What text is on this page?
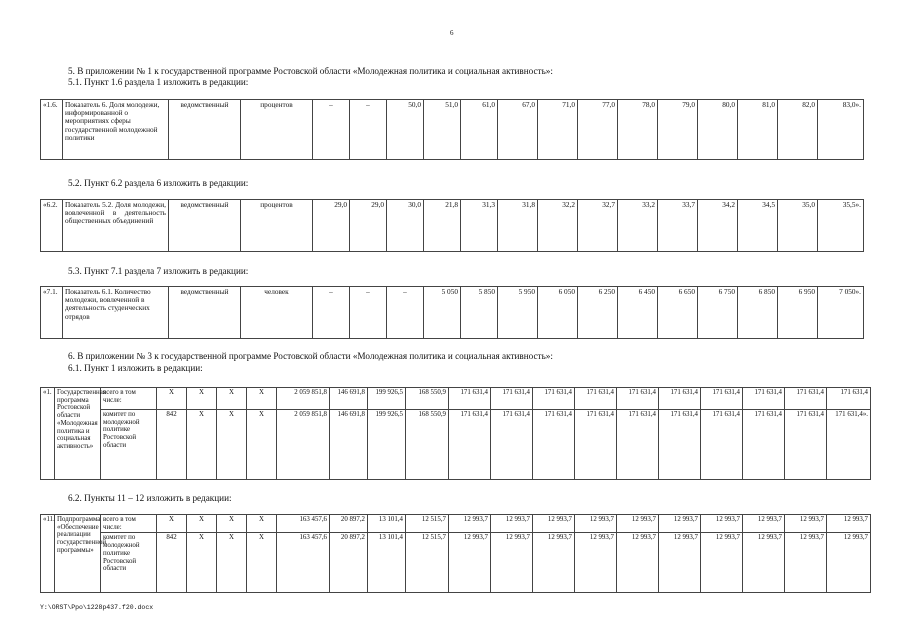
6
5. В приложении № 1 к государственной программе Ростовской области «Молодежная политика и социальная активность»:
5.1. Пункт 1.6 раздела 1 изложить в редакции:
«1.6.	Показатель 6. Доля молодежи, информированной о мероприятиях сферы государственной молодежной политики	ведомственный	процентов	–	–	50,0	51,0	61,0	67,0	71,0	77,0	78,0	79,0	80,0	81,0	82,0	83,0».
5.2. Пункт 6.2 раздела 6 изложить в редакции:
«6.2.	Показатель 5.2. Доля молодежи, вовлеченной в деятельность общественных объединений	ведомственный	процентов	29,0	29,0	30,0	21,8	31,3	31,8	32,2	32,7	33,2	33,7	34,2	34,5	35,0	35,5».
5.3. Пункт 7.1 раздела 7 изложить в редакции:
«7.1.	Показатель 6.1. Количество молодежи, вовлеченной в деятельность студенческих отрядов	ведомственный	человек	–	–	–	5 050	5 850	5 950	6 050	6 250	6 450	6 650	6 750	6 850	6 950	7 050».
6. В приложении № 3 к государственной программе Ростовской области «Молодежная политика и социальная активность»:
6.1. Пункт 1 изложить в редакции:
«1.	Государственная программа Ростовской области «Молодежная политика и социальная активность»	всего в том числе:	X	X	X	X	2 059 851,8	146 691,8	199 926,5	168 550,9	171 631,4	171 631,4	171 631,4	171 631,4	171 631,4	171 631,4	171 631,4	171 631,4	171 631,4	171 631,4
		комитет по молодежной политике Ростовской области	842	X	X	X	2 059 851,8	146 691,8	199 926,5	168 550,9	171 631,4	171 631,4	171 631,4	171 631,4	171 631,4	171 631,4	171 631,4	171 631,4	171 631,4	171 631,4».
6.2. Пункты 11 – 12 изложить в редакции:
«11.	Подпрограмма «Обеспечение реализации государственной программы»	всего в том числе:	X	X	X	X	163 457,6	20 897,2	13 101,4	12 515,7	12 993,7	12 993,7	12 993,7	12 993,7	12 993,7	12 993,7	12 993,7	12 993,7	12 993,7	12 993,7
		комитет по молодежной политике Ростовской области	842	X	X	X	163 457,6	20 897,2	13 101,4	12 515,7	12 993,7	12 993,7	12 993,7	12 993,7	12 993,7	12 993,7	12 993,7	12 993,7	12 993,7	12 993,7
Y:\ORST\Ppo\1228p437.f20.docx
